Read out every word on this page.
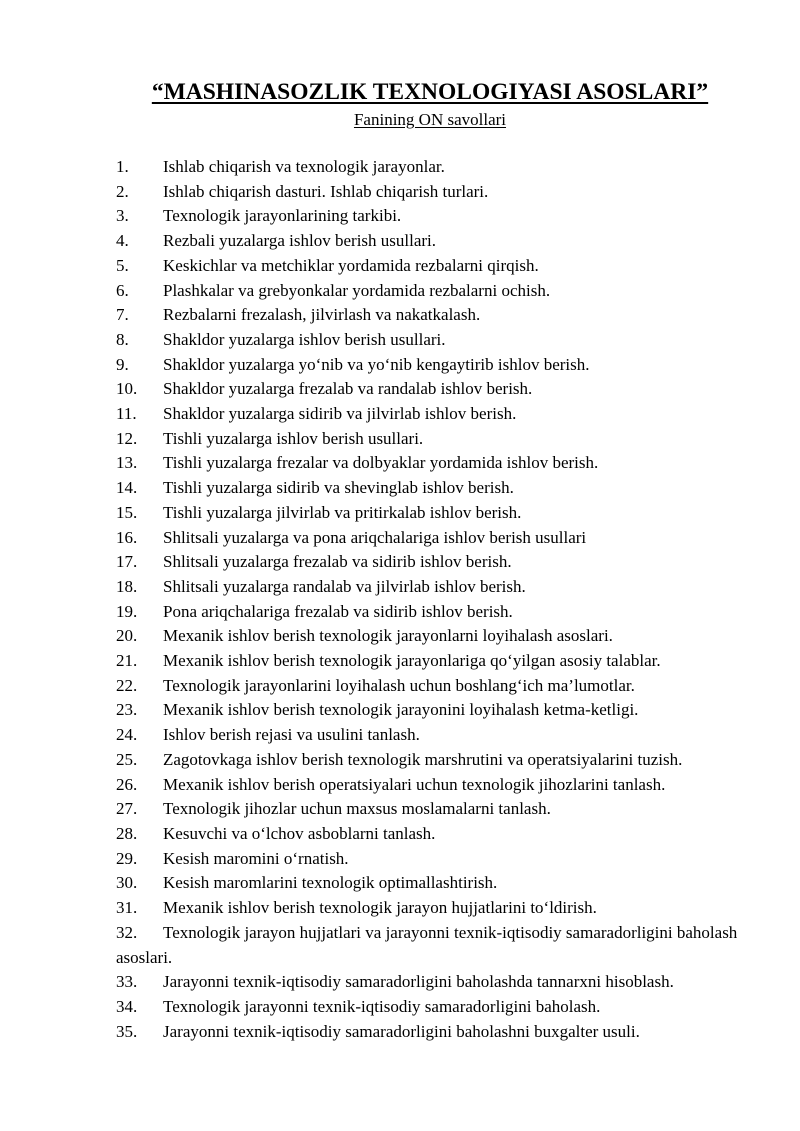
“MASHINASOZLIK TEXNOLOGIYASI ASOSLARI”
Fanining ON savollari
1.	Ishlab chiqarish va texnologik jarayonlar.
2.	Ishlab chiqarish dasturi. Ishlab chiqarish turlari.
3.	Texnologik jarayonlarining tarkibi.
4.	Rezbali yuzalarga ishlov berish usullari.
5.	Keskichlar va metchiklar yordamida rezbalarni qirqish.
6.	Plashkalar va grebyonkalar yordamida rezbalarni ochish.
7.	Rezbalarni frezalash, jilvirlash va nakatkalash.
8.	Shakldor yuzalarga ishlov berish usullari.
9.	Shakldor yuzalarga yo‘nib va yo‘nib kengaytirib ishlov berish.
10.	Shakldor yuzalarga frezalab va randalab ishlov berish.
11.	Shakldor yuzalarga sidirib va jilvirlab ishlov berish.
12.	Tishli yuzalarga ishlov berish usullari.
13.	Tishli yuzalarga frezalar va dolbyaklar yordamida ishlov berish.
14.	Tishli yuzalarga sidirib va shevinglab ishlov berish.
15.	Tishli yuzalarga jilvirlab va pritirkalab ishlov berish.
16.	Shlitsali yuzalarga va pona ariqchalariga ishlov berish usullari
17.	Shlitsali yuzalarga frezalab va sidirib ishlov berish.
18.	Shlitsali yuzalarga randalab va jilvirlab ishlov berish.
19.	Pona ariqchalariga frezalab va sidirib ishlov berish.
20.	Mexanik ishlov berish texnologik jarayonlarni loyihalash asoslari.
21.	Mexanik ishlov berish texnologik jarayonlariga qo‘yilgan asosiy talablar.
22.	Texnologik jarayonlarini loyihalash uchun boshlang‘ich ma’lumotlar.
23.	Mexanik ishlov berish texnologik jarayonini loyihalash ketma-ketligi.
24.	Ishlov berish rejasi va usulini tanlash.
25.	Zagotovkaga ishlov berish texnologik marshrutini va operatsiyalarini tuzish.
26.	Mexanik ishlov berish operatsiyalari uchun texnologik jihozlarini tanlash.
27.	Texnologik jihozlar uchun maxsus moslamalarni tanlash.
28.	Kesuvchi va o‘lchov asboblarni tanlash.
29.	Kesish maromini o‘rnatish.
30.	Kesish maromlarini texnologik optimallashtirish.
31.	Mexanik ishlov berish texnologik jarayon hujjatlarini to‘ldirish.
32.	Texnologik jarayon hujjatlari va jarayonni texnik-iqtisodiy samaradorligini baholash asoslari.
33.	Jarayonni texnik-iqtisodiy samaradorligini baholashda tannarxni hisoblash.
34.	Texnologik jarayonni texnik-iqtisodiy samaradorligini baholash.
35.	Jarayonni texnik-iqtisodiy samaradorligini baholashni buxgalter usuli.
